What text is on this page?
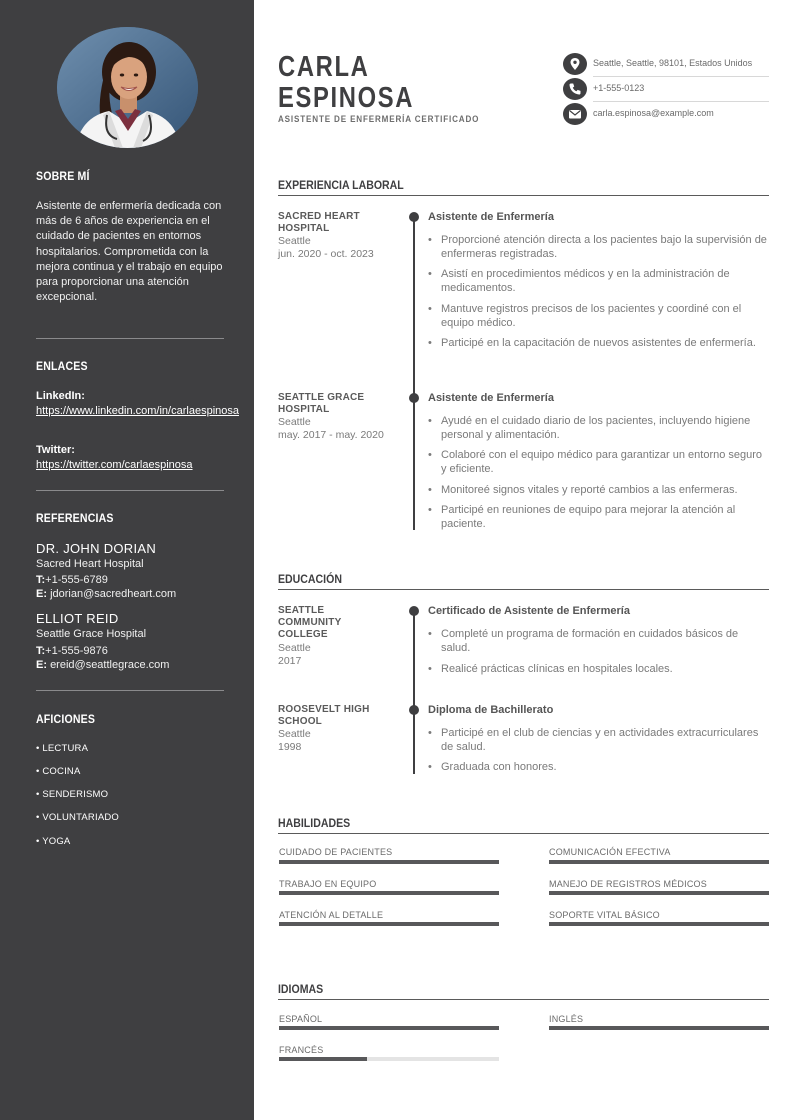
SOBRE MÍ
Asistente de enfermería dedicada con más de 6 años de experiencia en el cuidado de pacientes en entornos hospitalarios. Comprometida con la mejora continua y el trabajo en equipo para proporcionar una atención excepcional.
ENLACES
LinkedIn:
https://www.linkedin.com/in/carlaespinosa
Twitter:
https://twitter.com/carlaespinosa
REFERENCIAS
DR. JOHN DORIAN
Sacred Heart Hospital
T:+1-555-6789
E: jdorian@sacredheart.com
ELLIOT REID
Seattle Grace Hospital
T:+1-555-9876
E: ereid@seattlegrace.com
AFICIONES
• LECTURA
• COCINA
• SENDERISMO
• VOLUNTARIADO
• YOGA
CARLA
ESPINOSA
ASISTENTE DE ENFERMERÍA CERTIFICADO
Seattle, Seattle, 98101, Estados Unidos
+1-555-0123
carla.espinosa@example.com
EXPERIENCIA LABORAL
SACRED HEART HOSPITAL
Seattle
jun. 2020 - oct. 2023
Asistente de Enfermería
• Proporcioné atención directa a los pacientes bajo la supervisión de enfermeras registradas.
• Asistí en procedimientos médicos y en la administración de medicamentos.
• Mantuve registros precisos de los pacientes y coordiné con el equipo médico.
• Participé en la capacitación de nuevos asistentes de enfermería.
SEATTLE GRACE HOSPITAL
Seattle
may. 2017 - may. 2020
Asistente de Enfermería
• Ayudé en el cuidado diario de los pacientes, incluyendo higiene personal y alimentación.
• Colaboré con el equipo médico para garantizar un entorno seguro y eficiente.
• Monitoreé signos vitales y reporté cambios a las enfermeras.
• Participé en reuniones de equipo para mejorar la atención al paciente.
EDUCACIÓN
SEATTLE COMMUNITY COLLEGE
Seattle
2017
Certificado de Asistente de Enfermería
• Completé un programa de formación en cuidados básicos de salud.
• Realicé prácticas clínicas en hospitales locales.
ROOSEVELT HIGH SCHOOL
Seattle
1998
Diploma de Bachillerato
• Participé en el club de ciencias y en actividades extracurriculares de salud.
• Graduada con honores.
HABILIDADES
CUIDADO DE PACIENTES	COMUNICACIÓN EFECTIVA
TRABAJO EN EQUIPO	MANEJO DE REGISTROS MÉDICOS
ATENCIÓN AL DETALLE	SOPORTE VITAL BÁSICO
IDIOMAS
ESPAÑOL	INGLÉS
FRANCÉS
